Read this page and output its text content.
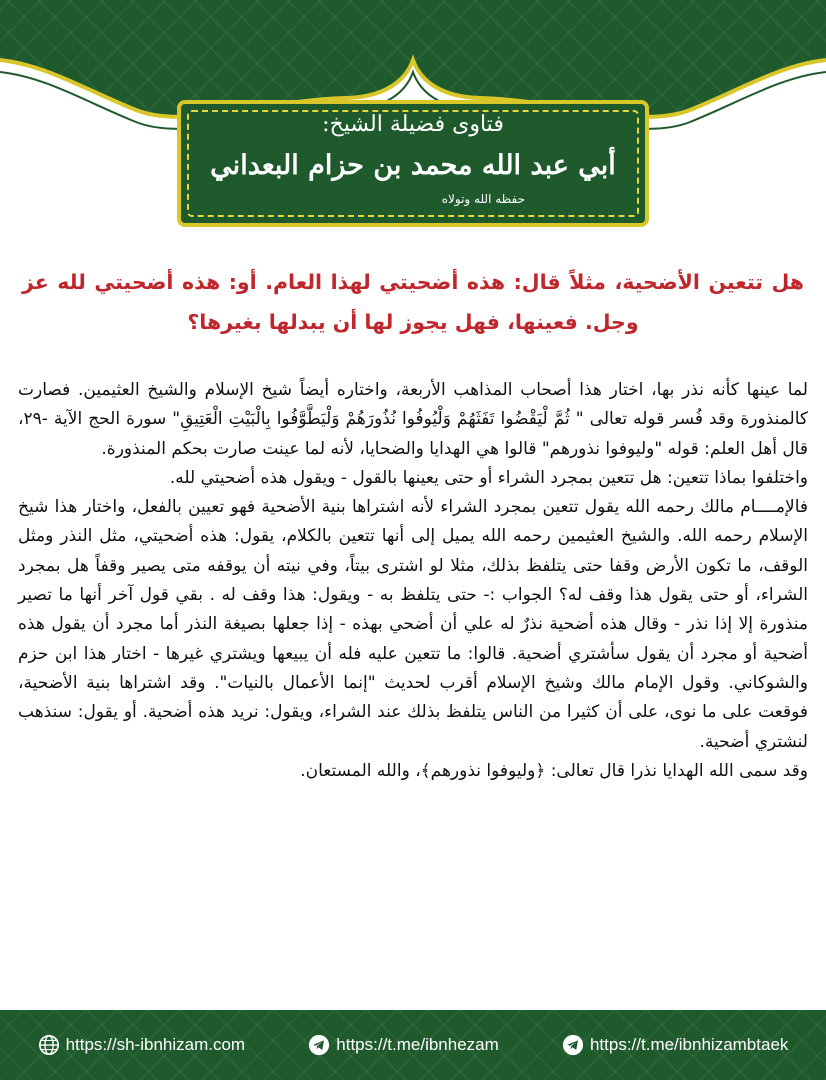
فتاوى فضيلة الشيخ:
أبي عبد الله محمد بن حزام البعداني
حفظه الله وتولاه
هل تتعين الأضحية، مثلاً قال: هذه أضحيتي لهذا العام. أو: هذه أضحيتي لله عز وجل. فعينها، فهل يجوز لها أن يبدلها بغيرها؟

لما عينها كأنه نذر بها، اختار هذا أصحاب المذاهب الأربعة، واختاره أيضاً شيخ الإسلام والشيخ العثيمين. فصارت كالمنذورة وقد فُسر قوله تعالى " ثُمَّ لْيَقْضُوا تَفَثَهُمْ وَلْيُوفُوا نُذُورَهُمْ وَلْيَطَّوَّفُوا بِالْبَيْتِ الْعَتِيقِ" سورة الحج الآية -٢٩، قال أهل العلم: قوله "وليوفوا نذورهم" قالوا هي الهدايا والضحايا، لأنه لما عينت صارت بحكم المنذورة.

واختلفوا بماذا تتعين: هل تتعين بمجرد الشراء أو حتى يعينها بالقول - ويقول هذه أضحيتي لله.

فالإمــــام مالك رحمه الله يقول تتعين بمجرد الشراء لأنه اشتراها بنية الأضحية فهو تعيين بالفعل، واختار هذا شيخ الإسلام رحمه الله. والشيخ العثيمين رحمه الله يميل إلى أنها تتعين بالكلام، يقول: هذه أضحيتي، مثل النذر ومثل الوقف، ما تكون الأرض وقفا حتى يتلفظ بذلك، مثلا لو اشترى بيتاً، وفي نيته أن يوقفه متى يصير وقفاً هل بمجرد الشراء، أو حتى يقول هذا وقف له؟ الجواب :- حتى يتلفظ به - ويقول: هذا وقف له . بقي قول آخر أنها ما تصير منذورة إلا إذا نذر - وقال هذه أضحية نذرٌ له علي أن أضحي بهذه - إذا جعلها بصيغة النذر أما مجرد أن يقول هذه أضحية أو مجرد أن يقول سأشتري أضحية. قالوا: ما تتعين عليه فله أن يبيعها ويشتري غيرها - اختار هذا ابن حزم والشوكاني. وقول الإمام مالك وشيخ الإسلام أقرب لحديث "إنما الأعمال بالنيات". وقد اشتراها بنية الأضحية، فوقعت على ما نوى، على أن كثيرا من الناس يتلفظ بذلك عند الشراء، ويقول: نريد هذه أضحية. أو يقول: سنذهب لنشتري أضحية.

وقد سمى الله الهدايا نذرا قال تعالى: ﴿وليوفوا نذورهم﴾، والله المستعان.

https://sh-ibnhizam.com	https://t.me/ibnhezam	https://t.me/ibnhizambtaek
